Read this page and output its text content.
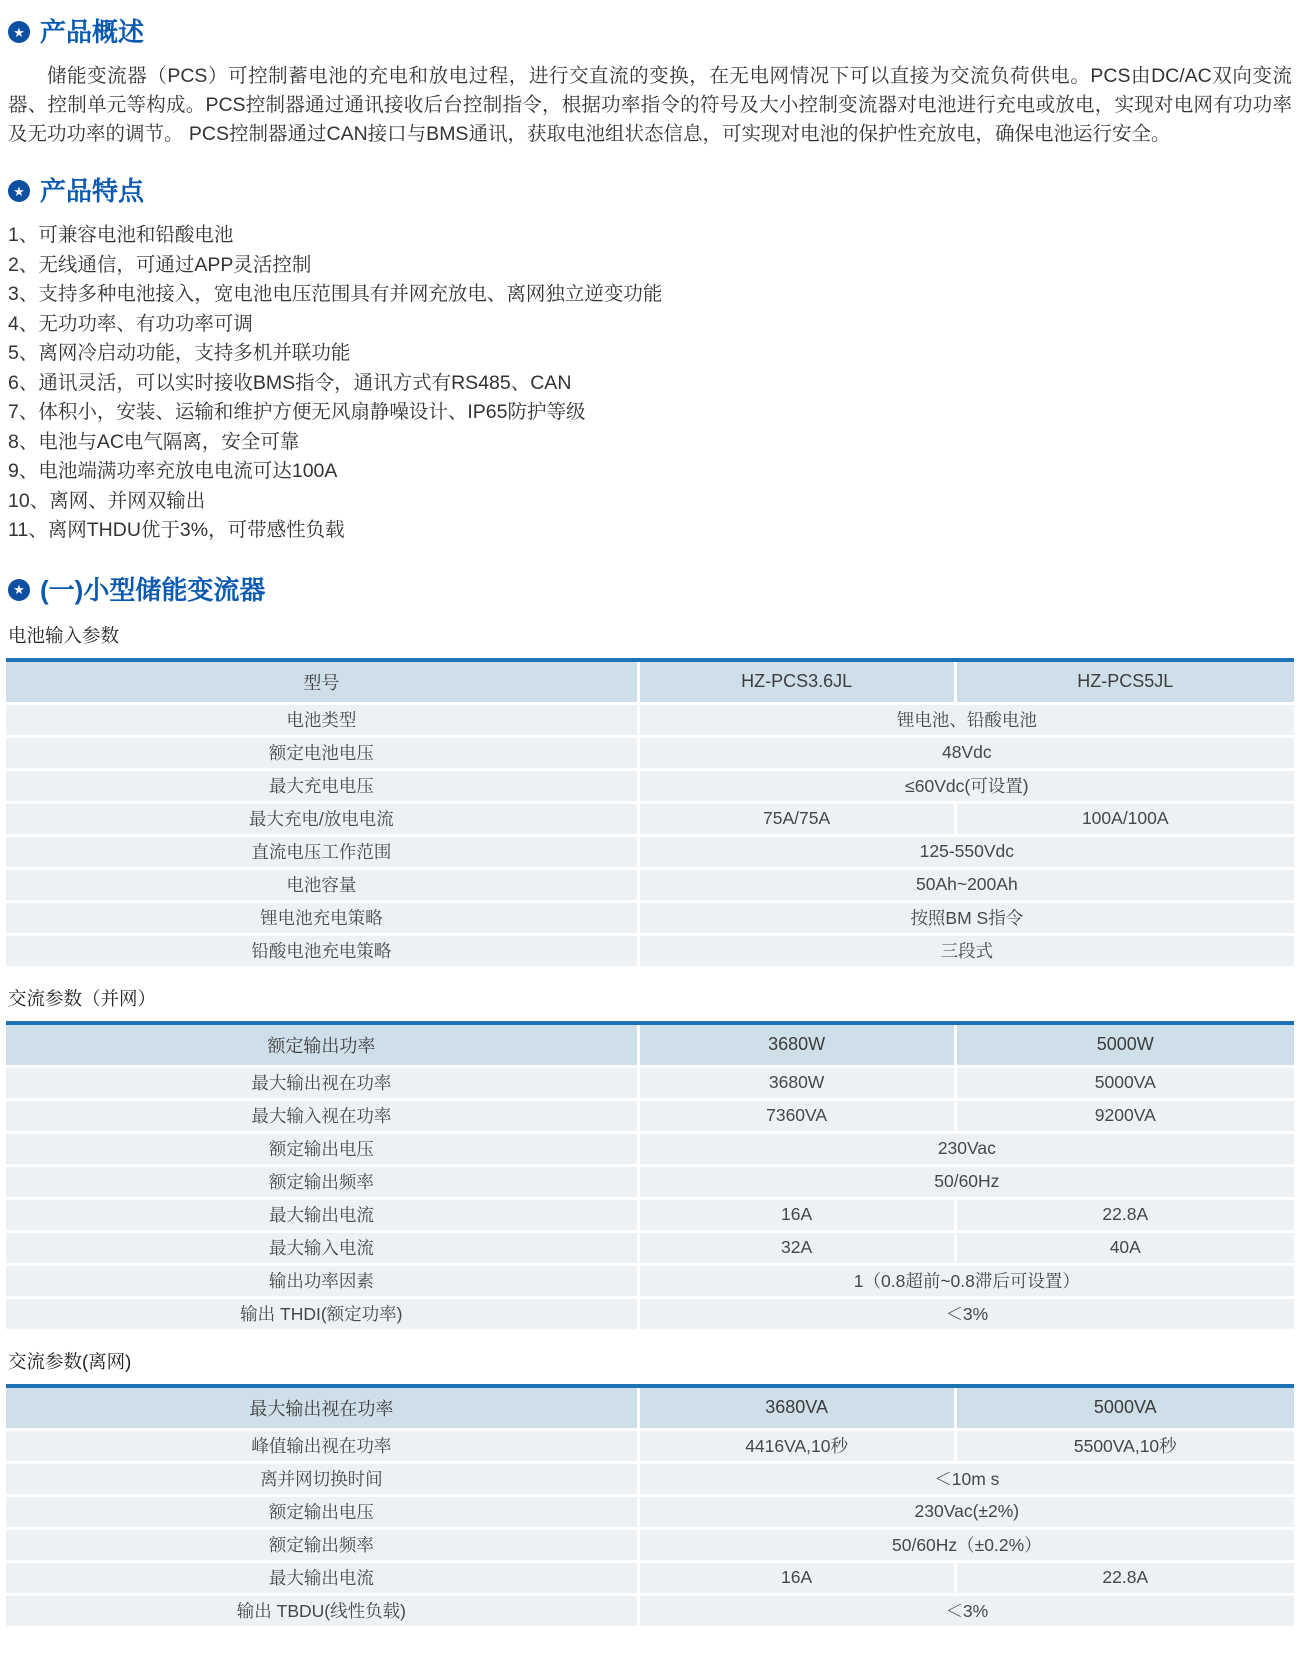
★ 产品概述

储能变流器（PCS）可控制蓄电池的充电和放电过程，进行交直流的变换，在无电网情况下可以直接为交流负荷供电。PCS由DC/AC双向变流器、控制单元等构成。PCS控制器通过通讯接收后台控制指令，根据功率指令的符号及大小控制变流器对电池进行充电或放电，实现对电网有功功率及无功功率的调节。 PCS控制器通过CAN接口与BMS通讯，获取电池组状态信息，可实现对电池的保护性充放电，确保电池运行安全。

★ 产品特点
1、可兼容电池和铅酸电池
2、无线通信，可通过APP灵活控制
3、支持多种电池接入，宽电池电压范围具有并网充放电、离网独立逆变功能
4、无功功率、有功功率可调
5、离网冷启动功能，支持多机并联功能
6、通讯灵活，可以实时接收BMS指令，通讯方式有RS485、CAN
7、体积小，安装、运输和维护方便无风扇静噪设计、IP65防护等级
8、电池与AC电气隔离，安全可靠
9、电池端满功率充放电电流可达100A
10、离网、并网双输出
11、离网THDU优于3%，可带感性负载
★ (一)小型储能变流器
电池输入参数
型号	HZ-PCS3.6JL	HZ-PCS5JL
电池类型	锂电池、铅酸电池
额定电池电压	48Vdc
最大充电电压	≤60Vdc(可设置)
最大充电/放电电流	75A/75A	100A/100A
直流电压工作范围	125-550Vdc
电池容量	50Ah~200Ah
锂电池充电策略	按照BM S指令
铅酸电池充电策略	三段式
交流参数（并网）
额定输出功率	3680W	5000W
最大输出视在功率	3680W	5000VA
最大输入视在功率	7360VA	9200VA
额定输出电压	230Vac
额定输出频率	50/60Hz
最大输出电流	16A	22.8A
最大输入电流	32A	40A
输出功率因素	1（0.8超前~0.8滞后可设置）
输出 THDI(额定功率)	＜3%
交流参数(离网)
最大输出视在功率	3680VA	5000VA
峰值输出视在功率	4416VA,10秒	5500VA,10秒
离并网切换时间	＜10m s
额定输出电压	230Vac(±2%)
额定输出频率	50/60Hz（±0.2%）
最大输出电流	16A	22.8A
输出 TBDU(线性负载)	＜3%
